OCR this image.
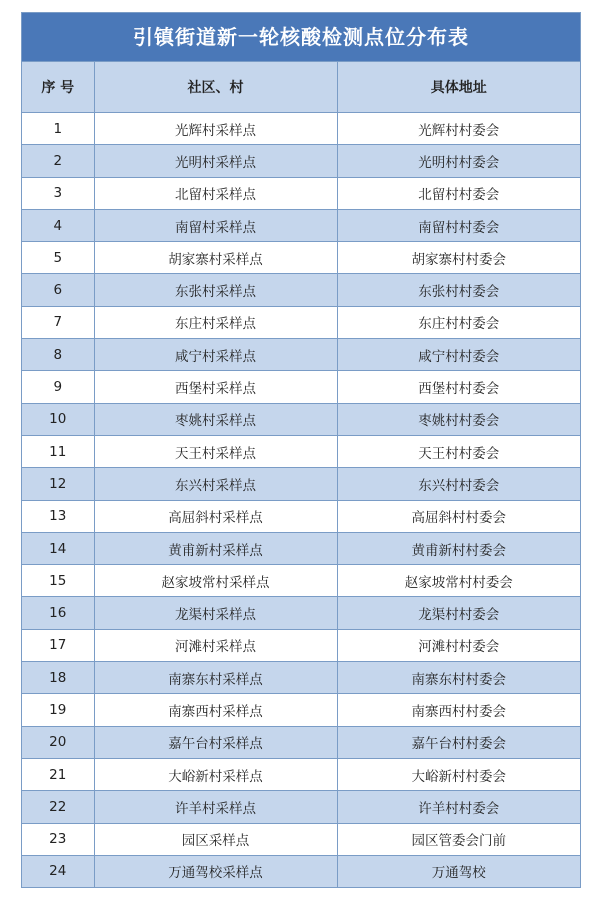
引镇街道新一轮核酸检测点位分布表
序 号	社区、村	具体地址
1	光辉村采样点	光辉村村委会
2	光明村采样点	光明村村委会
3	北留村采样点	北留村村委会
4	南留村采样点	南留村村委会
5	胡家寨村采样点	胡家寨村村委会
6	东张村采样点	东张村村委会
7	东庄村采样点	东庄村村委会
8	咸宁村采样点	咸宁村村委会
9	西堡村采样点	西堡村村委会
10	枣姚村采样点	枣姚村村委会
11	天王村采样点	天王村村委会
12	东兴村采样点	东兴村村委会
13	高屈斜村采样点	高屈斜村村委会
14	黄甫新村采样点	黄甫新村村委会
15	赵家坡常村采样点	赵家坡常村村委会
16	龙渠村采样点	龙渠村村委会
17	河滩村采样点	河滩村村委会
18	南寨东村采样点	南寨东村村委会
19	南寨西村采样点	南寨西村村委会
20	嘉午台村采样点	嘉午台村村委会
21	大峪新村采样点	大峪新村村委会
22	许羊村采样点	许羊村村委会
23	园区采样点	园区管委会门前
24	万通驾校采样点	万通驾校
